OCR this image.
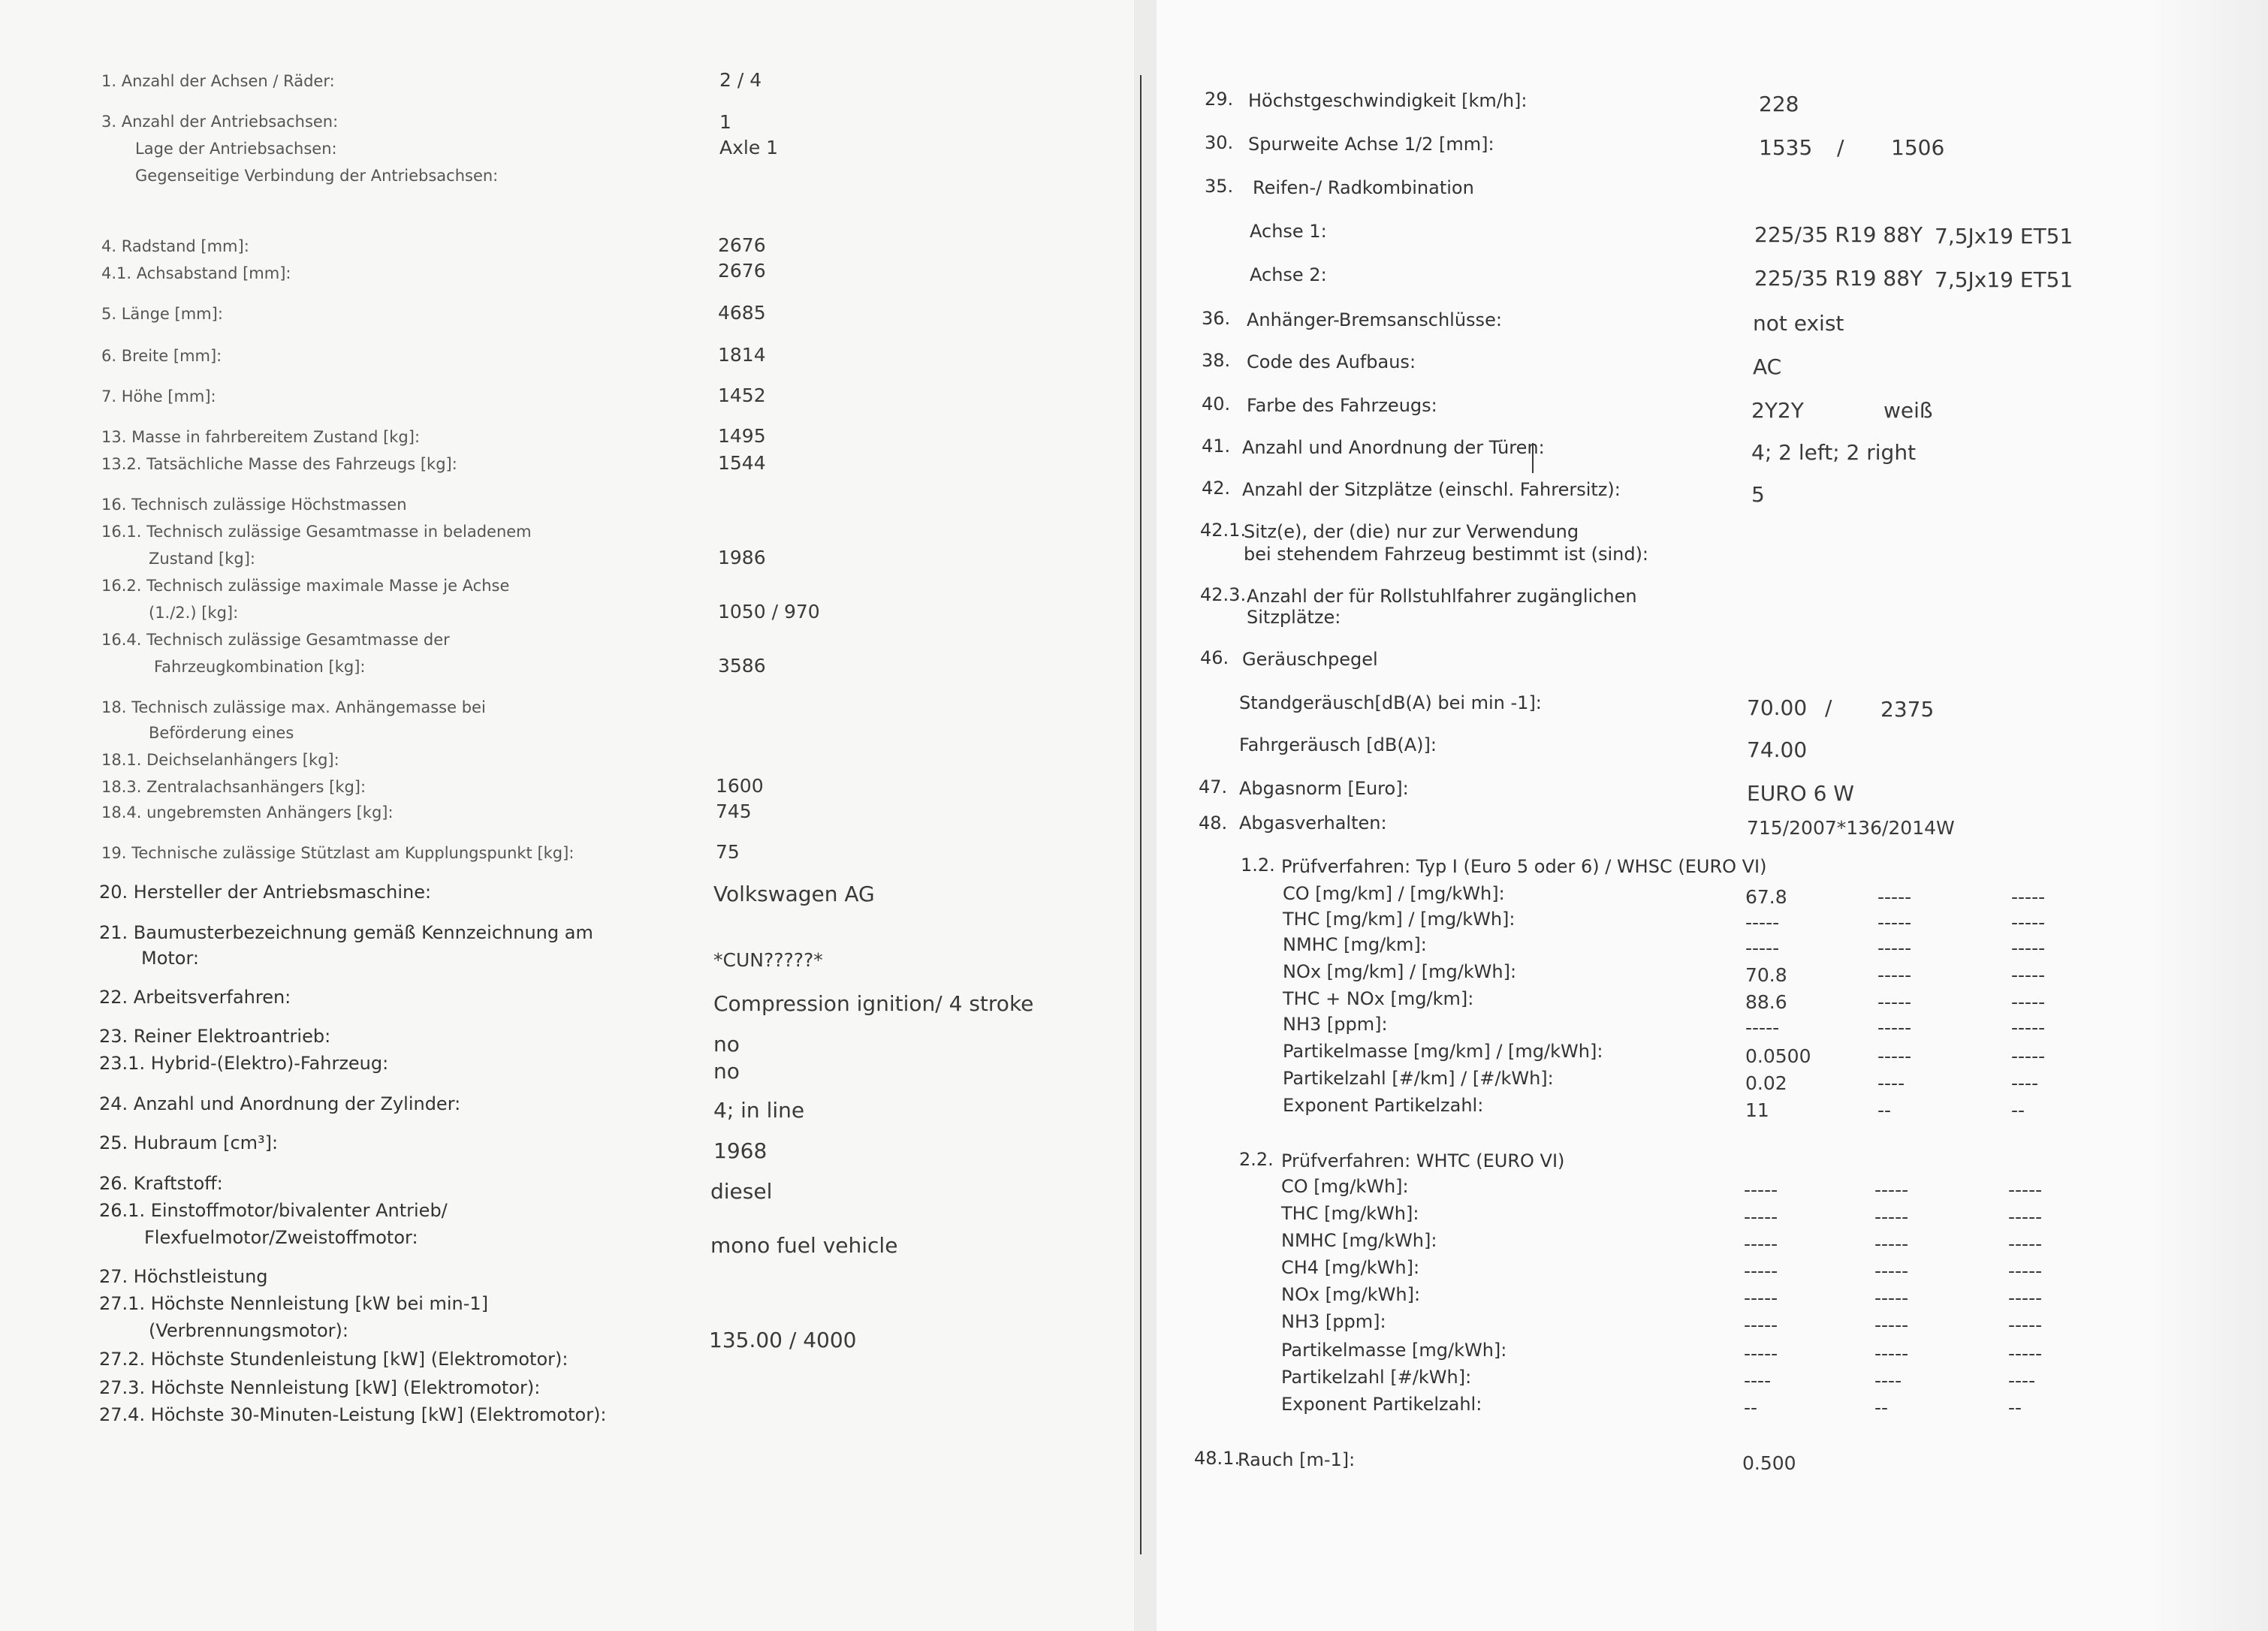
1. Anzahl der Achsen / Räder:	2 / 4
3. Anzahl der Antriebsachsen:	1
Lage der Antriebsachsen:	Axle 1
Gegenseitige Verbindung der Antriebsachsen:
4. Radstand [mm]:	2676
4.1. Achsabstand [mm]:	2676
5. Länge [mm]:	4685
6. Breite [mm]:	1814
7. Höhe [mm]:	1452
13. Masse in fahrbereitem Zustand [kg]:	1495
13.2. Tatsächliche Masse des Fahrzeugs [kg]:	1544
16. Technisch zulässige Höchstmassen
16.1. Technisch zulässige Gesamtmasse in beladenem
Zustand [kg]:	1986
16.2. Technisch zulässige maximale Masse je Achse
(1./2.) [kg]:	1050 / 970
16.4. Technisch zulässige Gesamtmasse der
Fahrzeugkombination [kg]:	3586
18. Technisch zulässige max. Anhängemasse bei
Beförderung eines
18.1. Deichselanhängers [kg]:
18.3. Zentralachsanhängers [kg]:	1600
18.4. ungebremsten Anhängers [kg]:	745
19. Technische zulässige Stützlast am Kupplungspunkt [kg]:	75
20. Hersteller der Antriebsmaschine:	Volkswagen AG
21. Baumusterbezeichnung gemäß Kennzeichnung am
Motor:	*CUN?????*
22. Arbeitsverfahren:	Compression ignition/ 4 stroke
23. Reiner Elektroantrieb:	no
23.1. Hybrid-(Elektro)-Fahrzeug:	no
24. Anzahl und Anordnung der Zylinder:	4; in line
25. Hubraum [cm³]:	1968
26. Kraftstoff:	diesel
26.1. Einstoffmotor/bivalenter Antrieb/
Flexfuelmotor/Zweistoffmotor:	mono fuel vehicle
27. Höchstleistung
27.1. Höchste Nennleistung [kW bei min-1]
(Verbrennungsmotor):	135.00 / 4000
27.2. Höchste Stundenleistung [kW] (Elektromotor):
27.3. Höchste Nennleistung [kW] (Elektromotor):
27.4. Höchste 30-Minuten-Leistung [kW] (Elektromotor):
29. Höchstgeschwindigkeit [km/h]:	228
30. Spurweite Achse 1/2 [mm]:	1535 / 1506
35. Reifen-/ Radkombination
Achse 1:	225/35 R19 88Y 7,5Jx19 ET51
Achse 2:	225/35 R19 88Y 7,5Jx19 ET51
36. Anhänger-Bremsanschlüsse:	not exist
38. Code des Aufbaus:	AC
40. Farbe des Fahrzeugs:	2Y2Y	weiß
41. Anzahl und Anordnung der Türen:	4; 2 left; 2 right
42. Anzahl der Sitzplätze (einschl. Fahrersitz):	5
42.1.
Sitz(e), der (die) nur zur Verwendung
bei stehendem Fahrzeug bestimmt ist (sind):
42.3. Anzahl der für Rollstuhlfahrer zugänglichen
Sitzplätze:
46. Geräuschpegel
Standgeräusch[dB(A) bei min -1]:	70.00 / 2375
Fahrgeräusch [dB(A)]:	74.00
47. Abgasnorm [Euro]:	EURO 6 W
48. Abgasverhalten:	715/2007*136/2014W
1.2. Prüfverfahren: Typ I (Euro 5 oder 6) / WHSC (EURO VI)
CO [mg/km] / [mg/kWh]:	67.8	-----	-----
THC [mg/km] / [mg/kWh]:	-----	-----	-----
NMHC [mg/km]:	-----	-----	-----
NOx [mg/km] / [mg/kWh]:	70.8	-----	-----
THC + NOx [mg/km]:	88.6	-----	-----
NH3 [ppm]:	-----	-----	-----
Partikelmasse [mg/km] / [mg/kWh]:	0.0500	-----	-----
Partikelzahl [#/km] / [#/kWh]:	0.02	----	----
Exponent Partikelzahl:	11	--	--
2.2. Prüfverfahren: WHTC (EURO VI)
CO [mg/kWh]:	-----	-----	-----
THC [mg/kWh]:	-----	-----	-----
NMHC [mg/kWh]:	-----	-----	-----
CH4 [mg/kWh]:	-----	-----	-----
NOx [mg/kWh]:	-----	-----	-----
NH3 [ppm]:	-----	-----	-----
Partikelmasse [mg/kWh]:	-----	-----	-----
Partikelzahl [#/kWh]:	----	----	----
Exponent Partikelzahl:	--	--	--
48.1.
Rauch [m-1]:	0.500
